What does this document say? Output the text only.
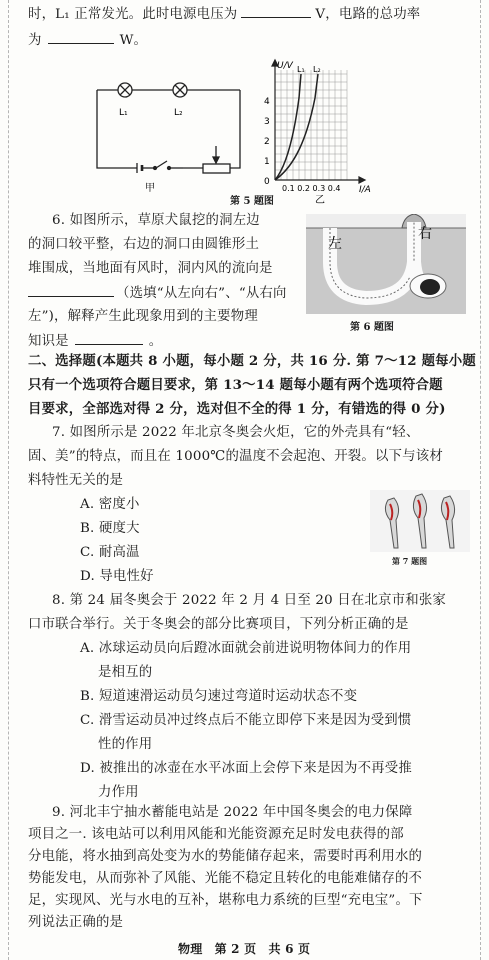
时，L₁ 正常发光。此时电源电压为	V，电路的总功率
为	W。
L₁	L₂
甲
U/V L₁ L₂
4
3
2
1
0
0.1 0.2 0.3 0.4 I/A
乙
第 5 题图
6. 如图所示，草原犬鼠挖的洞左边
的洞口较平整，右边的洞口由圆锥形土
堆围成，当地面有风时，洞内风的流向是
（选填“从左向右”、“从右向
左”)，解释产生此现象用到的主要物理
知识是	。
左
右
第 6 题图
二、选择题(本题共 8 小题，每小题 2 分，共 16 分. 第 7～12 题每小题
只有一个选项符合题目要求，第 13～14 题每小题有两个选项符合题
目要求，全部选对得 2 分，选对但不全的得 1 分，有错选的得 0 分)
7. 如图所示是 2022 年北京冬奥会火炬，它的外壳具有“轻、
固、美”的特点，而且在 1000℃的温度不会起泡、开裂。以下与该材
料特性无关的是
A. 密度小
B. 硬度大
C. 耐高温
D. 导电性好
第 7 题图
8. 第 24 届冬奥会于 2022 年 2 月 4 日至 20 日在北京市和张家
口市联合举行。关于冬奥会的部分比赛项目，下列分析正确的是
A. 冰球运动员向后蹬冰面就会前进说明物体间力的作用
是相互的
B. 短道速滑运动员匀速过弯道时运动状态不变
C. 滑雪运动员冲过终点后不能立即停下来是因为受到惯
性的作用
D. 被推出的冰壶在水平冰面上会停下来是因为不再受推
力作用
9. 河北丰宁抽水蓄能电站是 2022 年中国冬奥会的电力保障
项目之一. 该电站可以利用风能和光能资源充足时发电获得的部
分电能，将水抽到高处变为水的势能储存起来，需要时再利用水的
势能发电，从而弥补了风能、光能不稳定且转化的电能难储存的不
足，实现风、光与水电的互补，堪称电力系统的巨型“充电宝”。下
物理　第 2 页　共 6 页
列说法正确的是
